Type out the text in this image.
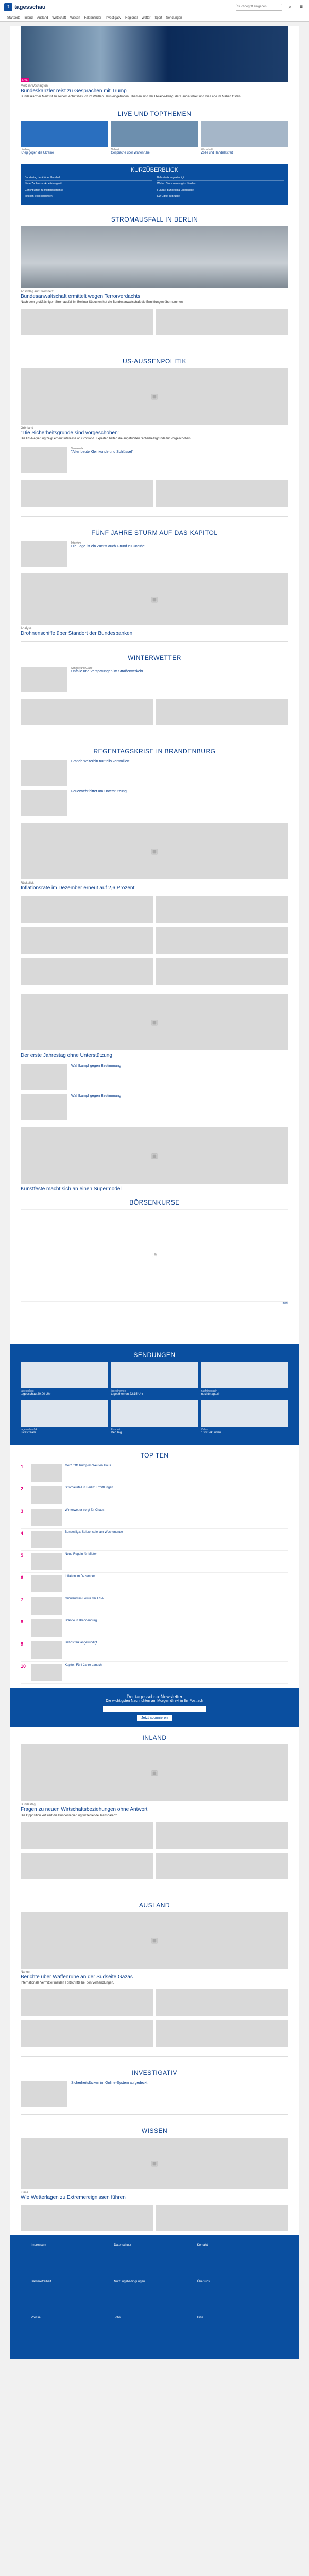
t tagesschau	Suchbegriff eingeben	⌕	≡
Startseite Inland Ausland Wirtschaft Wissen Faktenfinder Investigativ Regional Wetter Sport Sendungen
LIVE
Merz in Washington
Bundeskanzler reist zu Gesprächen mit Trump
Bundeskanzler Merz ist zu seinem Antrittsbesuch im Weißen Haus eingetroffen. Themen sind der Ukraine-Krieg, der Handelsstreit und die Lage im Nahen Osten.
LIVE UND TOPTHEMEN
Liveblog
Krieg gegen die Ukraine
Nahost
Gespräche über Waffenruhe
Wirtschaft
Zölle und Handelsstreit
KURZÜBERBLICK
Bundestag berät über Haushalt	Bahnstreik angekündigt
Neue Zahlen zur Arbeitslosigkeit	Wetter: Sturmwarnung im Norden
Gericht urteilt zu Mietpreisbremse	Fußball: Bundesliga-Ergebnisse
Inflation leicht gesunken	EU-Gipfel in Brüssel
STROMAUSFALL IN BERLIN
Anschlag auf Stromnetz
Bundesanwaltschaft ermittelt wegen Terrorverdachts
Nach dem großflächigen Stromausfall im Berliner Südosten hat die Bundesanwaltschaft die Ermittlungen übernommen.
US-AUSSENPOLITIK
▣
Grönland
"Die Sicherheitsgründe sind vorgeschoben"
Die US-Regierung zeigt erneut Interesse an Grönland. Experten halten die angeführten Sicherheitsgründe für vorgeschoben.
Venezuela
"Aller Leute Kleinkunde und Schlüssel"
FÜNF JAHRE STURM AUF DAS KAPITOL
Interview
Die Lage ist ein Zuerst auch Grund zu Unruhe
▣
Analyse
Drohnenschiffe über Standort der Bundesbanken
WINTERWETTER
Schnee und Glätte
Unfälle und Verspätungen im Straßenverkehr
REGENTAGSKRISE IN BRANDENBURG
Brände weiterhin nur teils kontrolliert
Feuerwehr bittet um Unterstützung
▣
Rückblick
Inflationsrate im Dezember erneut auf 2,6 Prozent
▣
Der erste Jahrestag ohne Unterstützung
Wahlkampf gegen Bestimmung
Wahlkampf gegen Bestimmung
▣
Kunstfeste macht sich an einen Supermodel
BÖRSENKURSE
◔
mehr
SENDUNGEN
tagesschau
tagesschau 20:00 Uhr
tagesthemen
tagesthemen 22:15 Uhr
nachtmagazin
nachtmagazin
tagesschau24
Livestream
Podcast
Der Tag
Video
100 Sekunden
TOP TEN
1	Merz trifft Trump im Weißen Haus
2	Stromausfall in Berlin: Ermittlungen
3	Winterwetter sorgt für Chaos
4	Bundesliga: Spitzenspiel am Wochenende
5	Neue Regeln für Mieter
6	Inflation im Dezember
7	Grönland im Fokus der USA
8	Brände in Brandenburg
9	Bahnstreik angekündigt
10	Kapitol: Fünf Jahre danach
Der tagesschau-Newsletter
Die wichtigsten Nachrichten am Morgen direkt in Ihr Postfach
Jetzt abonnieren
INLAND
▣
Bundestag
Fragen zu neuen Wirtschaftsbeziehungen ohne Antwort
Die Opposition kritisiert die Bundesregierung für fehlende Transparenz.
AUSLAND
▣
Nahost
Berichte über Waffenruhe an der Südseite Gazas
Internationale Vermittler melden Fortschritte bei den Verhandlungen.
INVESTIGATIV
Sicherheitslücken im Online-System aufgedeckt
WISSEN
▣
Klima
Wie Wetterlagen zu Extremereignissen führen
Impressum	Datenschutz	Kontakt
Barrierefreiheit	Nutzungsbedingungen	Über uns
Presse	Jobs	Hilfe
